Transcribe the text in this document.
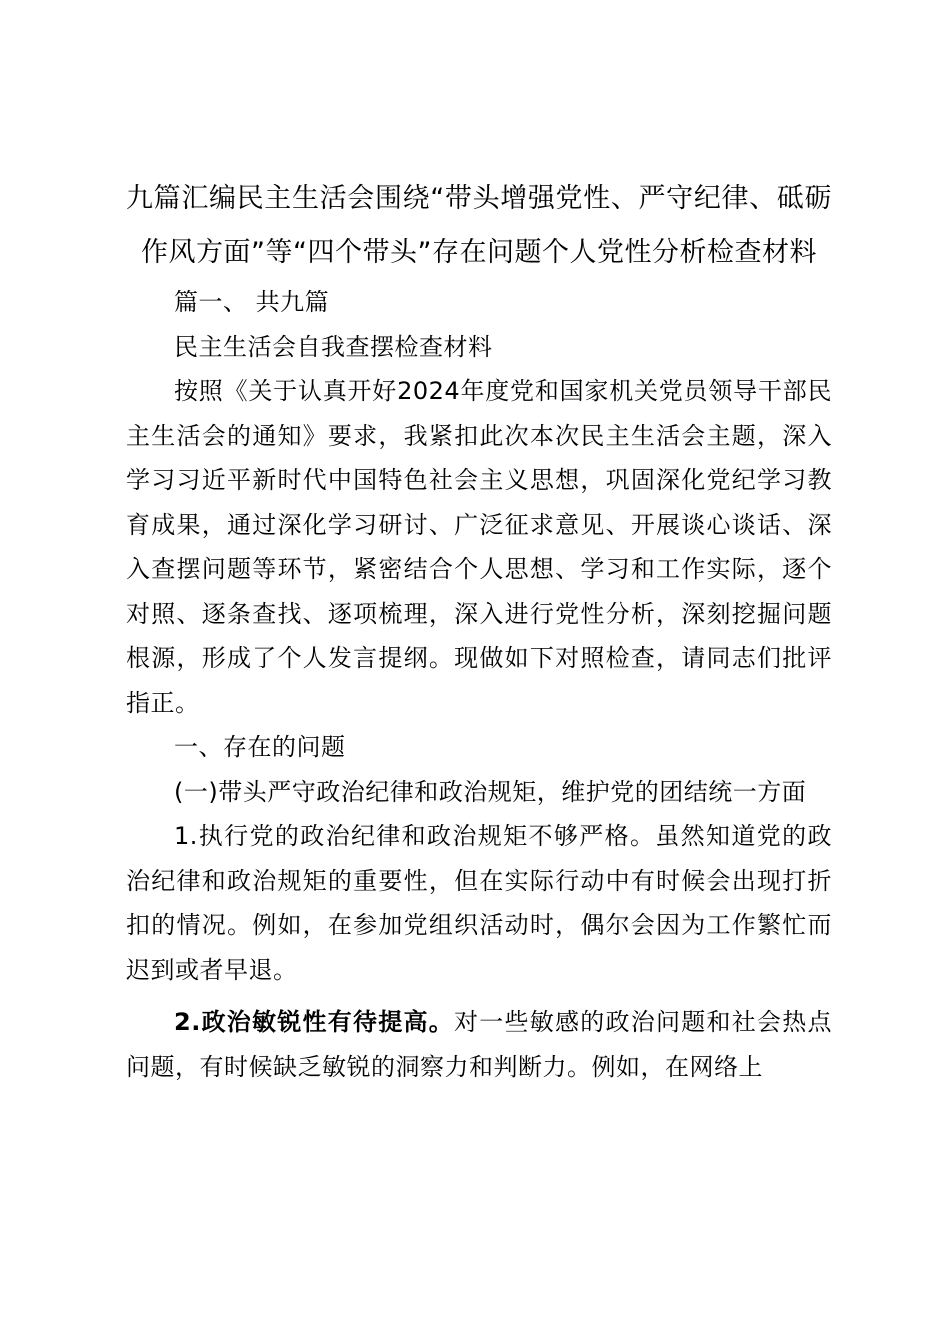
九篇汇编民主生活会围绕“带头增强党性、严守纪律、砥砺作风方面”等“四个带头”存在问题个人党性分析检查材料

篇一、 共九篇

民主生活会自我查摆检查材料

按照《关于认真开好2024年度党和国家机关党员领导干部民主生活会的通知》要求，我紧扣此次本次民主生活会主题，深入学习习近平新时代中国特色社会主义思想，巩固深化党纪学习教育成果，通过深化学习研讨、广泛征求意见、开展谈心谈话、深入查摆问题等环节，紧密结合个人思想、学习和工作实际，逐个对照、逐条查找、逐项梳理，深入进行党性分析，深刻挖掘问题根源，形成了个人发言提纲。现做如下对照检查，请同志们批评指正。

一、存在的问题

(一)带头严守政治纪律和政治规矩，维护党的团结统一方面

1.执行党的政治纪律和政治规矩不够严格。虽然知道党的政治纪律和政治规矩的重要性，但在实际行动中有时候会出现打折扣的情况。例如，在参加党组织活动时，偶尔会因为工作繁忙而迟到或者早退。

2.政治敏锐性有待提高。对一些敏感的政治问题和社会热点问题，有时候缺乏敏锐的洞察力和判断力。例如，在网络上
